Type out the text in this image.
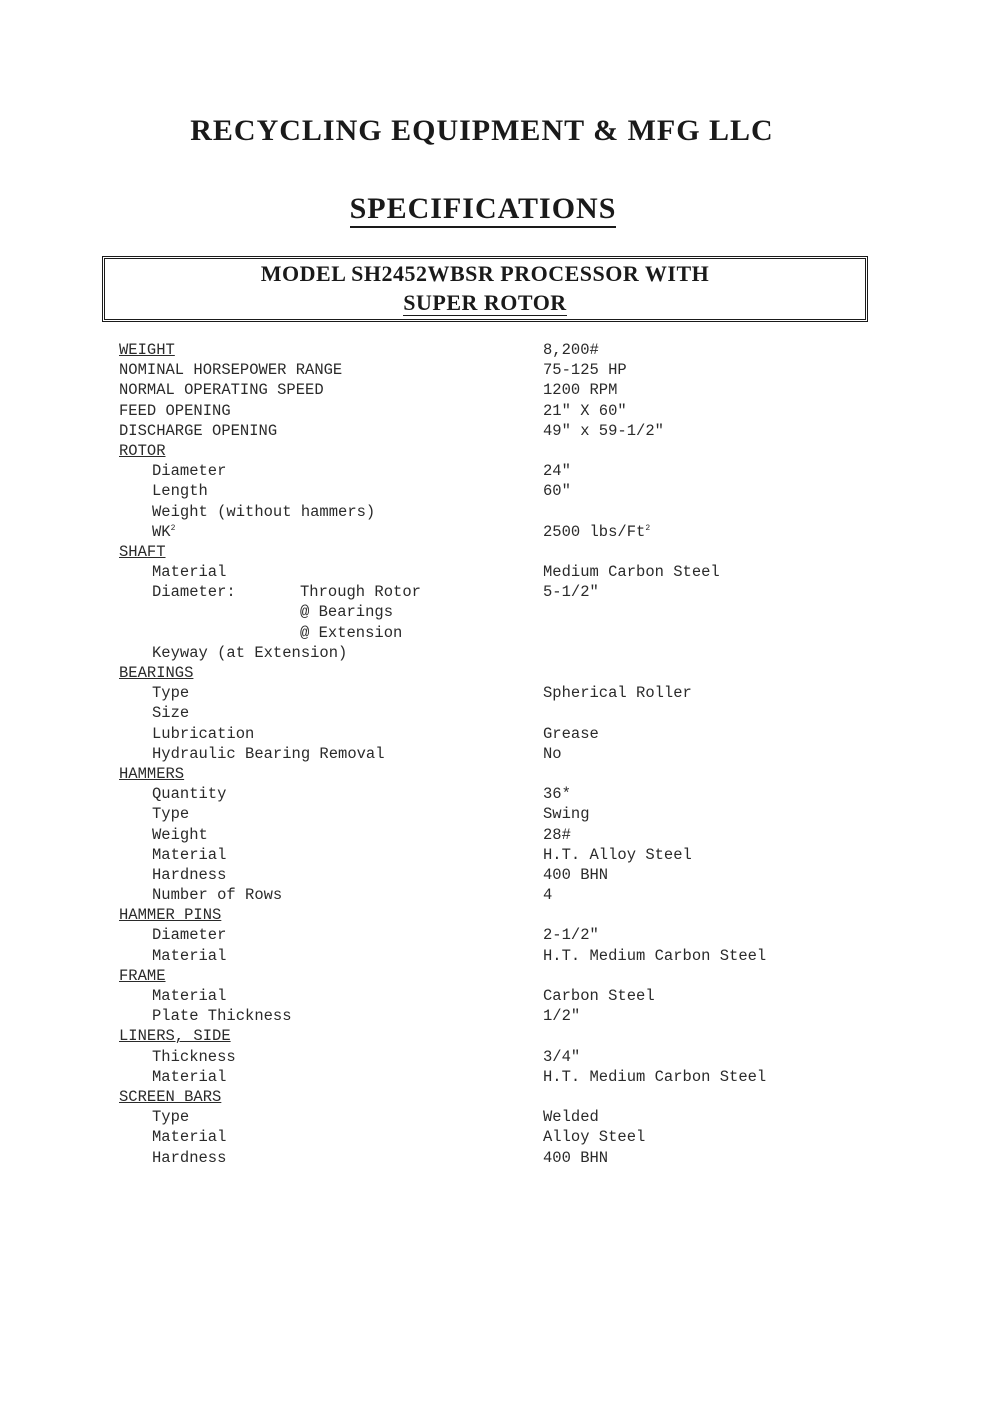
RECYCLING EQUIPMENT & MFG LLC
SPECIFICATIONS
MODEL SH2452WBSR PROCESSOR WITH
SUPER ROTOR
WEIGHT	8,200#
NOMINAL HORSEPOWER RANGE	75-125 HP
NORMAL OPERATING SPEED	1200 RPM
FEED OPENING	21″ X 60″
DISCHARGE OPENING	49″ x 59-1/2″
ROTOR
Diameter	24″
Length	60″
Weight (without hammers)
$WK^2$	2500 lbs/Ft$^2$
SHAFT
Material	Medium Carbon Steel
Diameter:	Through Rotor	5-1/2″
@ Bearings
@ Extension
Keyway (at Extension)
BEARINGS
Type	Spherical Roller
Size
Lubrication	Grease
Hydraulic Bearing Removal	No
HAMMERS
Quantity	36*
Type	Swing
Weight	28#
Material	H.T. Alloy Steel
Hardness	400 BHN
Number of Rows	4
HAMMER PINS
Diameter	2-1/2″
Material	H.T. Medium Carbon Steel
FRAME
Material	Carbon Steel
Plate Thickness	1/2″
LINERS, SIDE
Thickness	3/4″
Material	H.T. Medium Carbon Steel
SCREEN BARS
Type	Welded
Material	Alloy Steel
Hardness	400 BHN
